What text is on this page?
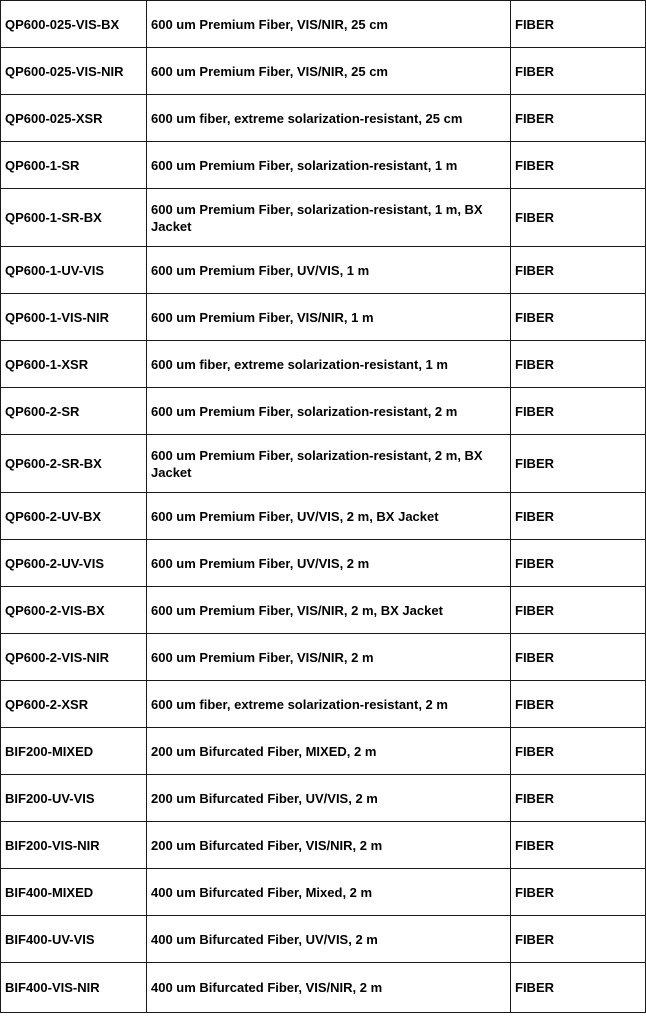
QP600-025-VIS-BX	600 um Premium Fiber, VIS/NIR, 25 cm	FIBER
QP600-025-VIS-NIR	600 um Premium Fiber, VIS/NIR, 25 cm	FIBER
QP600-025-XSR	600 um fiber, extreme solarization-resistant, 25 cm	FIBER
QP600-1-SR	600 um Premium Fiber, solarization-resistant, 1 m	FIBER
QP600-1-SR-BX	600 um Premium Fiber, solarization-resistant, 1 m, BX Jacket	FIBER
QP600-1-UV-VIS	600 um Premium Fiber, UV/VIS, 1 m	FIBER
QP600-1-VIS-NIR	600 um Premium Fiber, VIS/NIR, 1 m	FIBER
QP600-1-XSR	600 um fiber, extreme solarization-resistant, 1 m	FIBER
QP600-2-SR	600 um Premium Fiber, solarization-resistant, 2 m	FIBER
QP600-2-SR-BX	600 um Premium Fiber, solarization-resistant, 2 m, BX Jacket	FIBER
QP600-2-UV-BX	600 um Premium Fiber, UV/VIS, 2 m, BX Jacket	FIBER
QP600-2-UV-VIS	600 um Premium Fiber, UV/VIS, 2 m	FIBER
QP600-2-VIS-BX	600 um Premium Fiber, VIS/NIR, 2 m, BX Jacket	FIBER
QP600-2-VIS-NIR	600 um Premium Fiber, VIS/NIR, 2 m	FIBER
QP600-2-XSR	600 um fiber, extreme solarization-resistant, 2 m	FIBER
BIF200-MIXED	200 um Bifurcated Fiber, MIXED, 2 m	FIBER
BIF200-UV-VIS	200 um Bifurcated Fiber, UV/VIS, 2 m	FIBER
BIF200-VIS-NIR	200 um Bifurcated Fiber, VIS/NIR, 2 m	FIBER
BIF400-MIXED	400 um Bifurcated Fiber, Mixed, 2 m	FIBER
BIF400-UV-VIS	400 um Bifurcated Fiber, UV/VIS, 2 m	FIBER
BIF400-VIS-NIR	400 um Bifurcated Fiber, VIS/NIR, 2 m	FIBER
